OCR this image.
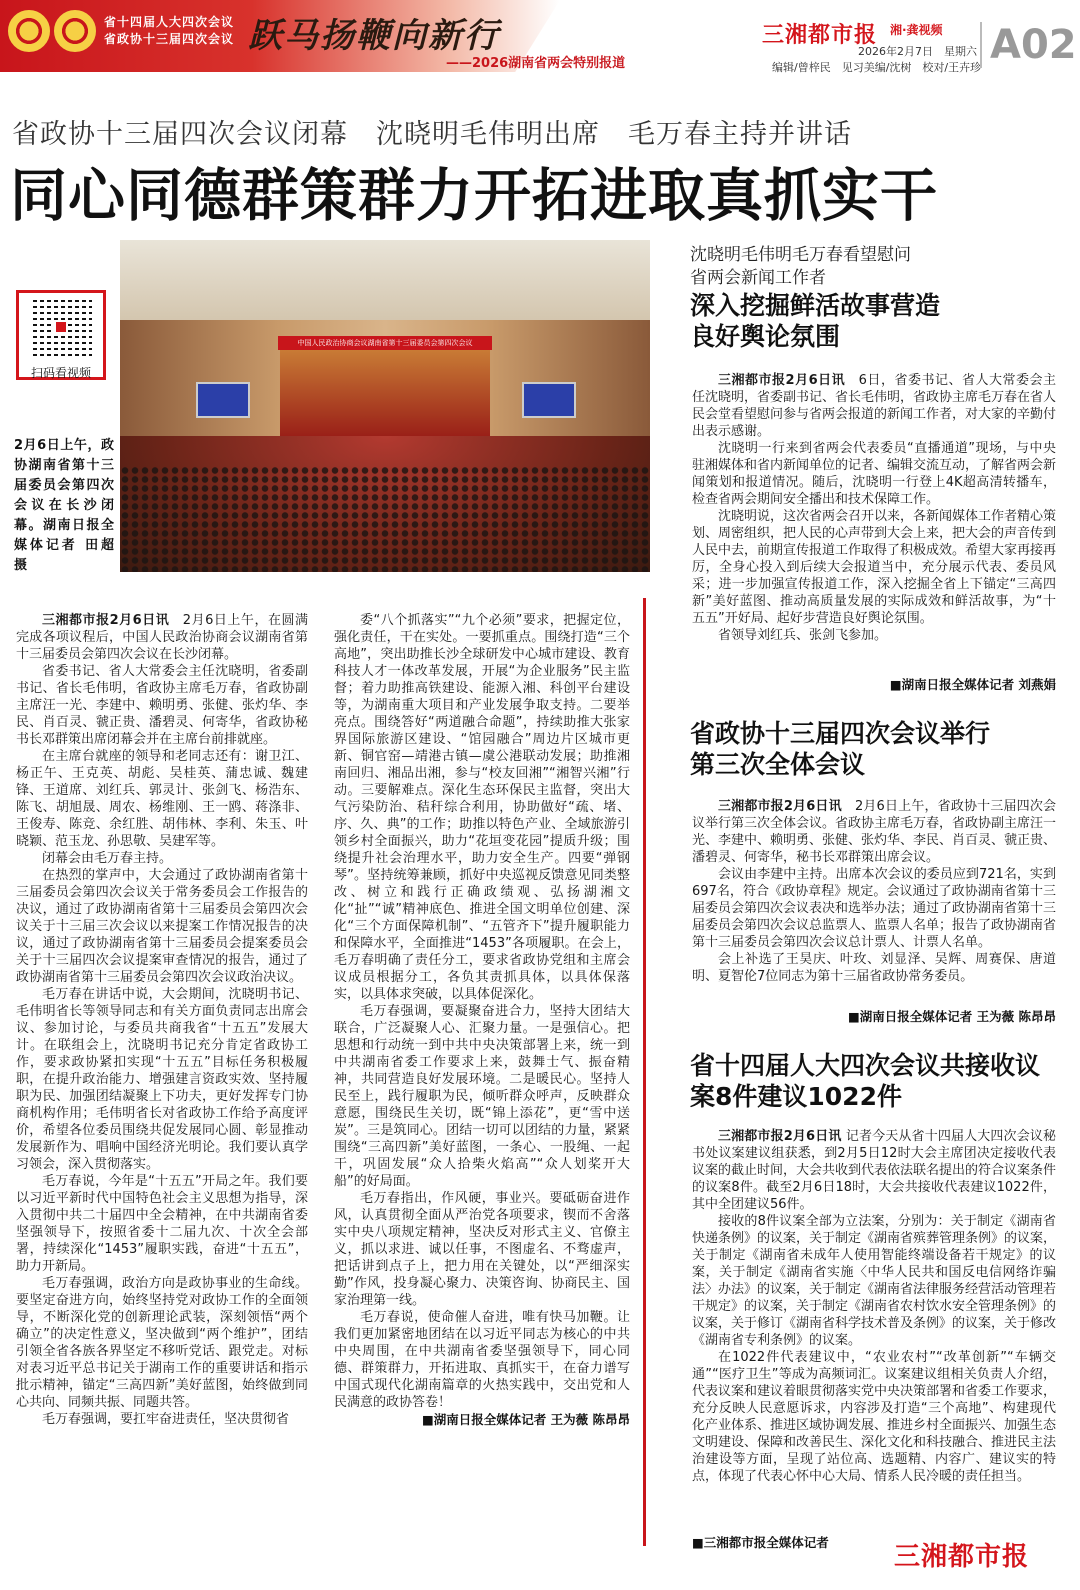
省十四届人大四次会议
省政协十三届四次会议 跃马扬鞭向新行
——2026湖南省两会特别报道
三湘都市报 湘·龚视频
2026年2月7日　星期六
编辑/曾梓民　见习美编/沈树　校对/王卉珍 A02
省政协十三届四次会议闭幕　沈晓明毛伟明出席　毛万春主持并讲话
同心同德群策群力开拓进取真抓实干
扫码看视频
2月6日上午，政协湖南省第十三届委员会第四次会议在长沙闭幕。湖南日报全媒体记者 田超 摄
中国人民政治协商会议湖南省第十三届委员会第四次会议

三湘都市报2月6日讯　2月6日上午，在圆满完成各项议程后，中国人民政治协商会议湖南省第十三届委员会第四次会议在长沙闭幕。

省委书记、省人大常委会主任沈晓明，省委副书记、省长毛伟明，省政协主席毛万春，省政协副主席汪一光、李建中、赖明勇、张健、张灼华、李民、肖百灵、虢正贵、潘碧灵、何寄华，省政协秘书长邓群策出席闭幕会并在主席台前排就座。

在主席台就座的领导和老同志还有：谢卫江、杨正午、王克英、胡彪、吴桂英、蒲忠诚、魏建锋、王道席、刘红兵、郭灵计、张剑飞、杨浩东、陈飞、胡旭晟、周农、杨维刚、王一鸥、蒋涤非、王俊寿、陈竞、余红胜、胡伟林、李利、朱玉、叶晓颖、范玉龙、孙思敬、吴建军等。

闭幕会由毛万春主持。

在热烈的掌声中，大会通过了政协湖南省第十三届委员会第四次会议关于常务委员会工作报告的决议，通过了政协湖南省第十三届委员会第四次会议关于十三届三次会议以来提案工作情况报告的决议，通过了政协湖南省第十三届委员会提案委员会关于十三届四次会议提案审查情况的报告，通过了政协湖南省第十三届委员会第四次会议政治决议。

毛万春在讲话中说，大会期间，沈晓明书记、毛伟明省长等领导同志和有关方面负责同志出席会议、参加讨论，与委员共商我省“十五五”发展大计。在联组会上，沈晓明书记充分肯定省政协工作，要求政协紧扣实现“十五五”目标任务积极履职，在提升政治能力、增强建言资政实效、坚持履职为民、加强团结凝聚上下功夫，更好发挥专门协商机构作用；毛伟明省长对省政协工作给予高度评价，希望各位委员围绕共促发展同心圆、彰显推动发展新作为、唱响中国经济光明论。我们要认真学习领会，深入贯彻落实。

毛万春说，今年是“十五五”开局之年。我们要以习近平新时代中国特色社会主义思想为指导，深入贯彻中共二十届四中全会精神，在中共湖南省委坚强领导下，按照省委十二届九次、十次全会部署，持续深化“1453”履职实践，奋进“十五五”，助力开新局。

毛万春强调，政治方向是政协事业的生命线。要坚定奋进方向，始终坚持党对政协工作的全面领导，不断深化党的创新理论武装，深刻领悟“两个确立”的决定性意义，坚决做到“两个维护”，团结引领全省各族各界坚定不移听党话、跟党走。对标对表习近平总书记关于湖南工作的重要讲话和指示批示精神，锚定“三高四新”美好蓝图，始终做到同心共向、同频共振、同题共答。

毛万春强调，要扛牢奋进责任，坚决贯彻省

委“八个抓落实”“九个必须”要求，把握定位，强化责任，干在实处。一要抓重点。围绕打造“三个高地”，突出助推长沙全球研发中心城市建设、教育科技人才一体改革发展，开展“为企业服务”民主监督；着力助推高铁建设、能源入湘、科创平台建设等，为湖南重大项目和产业发展争取支持。二要举亮点。围绕答好“两道融合命题”，持续助推大张家界国际旅游区建设、“馆园融合”周边片区城市更新、铜官窑—靖港古镇—虞公港联动发展；助推湘南回归、湘品出湘，参与“校友回湘”“湘智兴湘”行动。三要解难点。深化生态环保民主监督，突出大气污染防治、秸秆综合利用，协助做好“疏、堵、序、久、典”的工作；助推以特色产业、全域旅游引领乡村全面振兴，助力“花垣变花园”提质升级；围绕提升社会治理水平，助力安全生产。四要“弹钢琴”。坚持统筹兼顾，抓好中央巡视反馈意见同类整改、树立和践行正确政绩观、弘扬湖湘文化“扯”“诚”精神底色、推进全国文明单位创建、深化“三个方面保障机制”、“五管齐下”提升履职能力和保障水平，全面推进“1453”各项履职。在会上，毛万春明确了责任分工，要求省政协党组和主席会议成员根据分工，各负其责抓具体，以具体保落实，以具体求突破，以具体促深化。

毛万春强调，要凝聚奋进合力，坚持大团结大联合，广泛凝聚人心、汇聚力量。一是强信心。把思想和行动统一到中共中央决策部署上来，统一到中共湖南省委工作要求上来，鼓舞士气、振奋精神，共同营造良好发展环境。二是暖民心。坚持人民至上，践行履职为民，倾听群众呼声，反映群众意愿，围绕民生关切，既“锦上添花”，更“雪中送炭”。三是筑同心。团结一切可以团结的力量，紧紧围绕“三高四新”美好蓝图，一条心、一股绳、一起干，巩固发展“众人拾柴火焰高”“众人划桨开大船”的好局面。

毛万春指出，作风硬，事业兴。要砥砺奋进作风，认真贯彻全面从严治党各项要求，锲而不舍落实中央八项规定精神，坚决反对形式主义、官僚主义，抓以求进、诚以任事，不图虚名、不骛虚声，把话讲到点子上，把力用在关键处，以“严细深实勤”作风，投身凝心聚力、决策咨询、协商民主、国家治理第一线。

毛万春说，使命催人奋进，唯有快马加鞭。让我们更加紧密地团结在以习近平同志为核心的中共中央周围，在中共湖南省委坚强领导下，同心同德、群策群力，开拓进取、真抓实干，在奋力谱写中国式现代化湖南篇章的火热实践中，交出党和人民满意的政协答卷！

■湖南日报全媒体记者 王为薇 陈昂昂

沈晓明毛伟明毛万春看望慰问省两会新闻工作者
深入挖掘鲜活故事营造良好舆论氛围

三湘都市报2月6日讯　6日，省委书记、省人大常委会主任沈晓明，省委副书记、省长毛伟明，省政协主席毛万春在省人民会堂看望慰问参与省两会报道的新闻工作者，对大家的辛勤付出表示感谢。

沈晓明一行来到省两会代表委员“直播通道”现场，与中央驻湘媒体和省内新闻单位的记者、编辑交流互动，了解省两会新闻策划和报道情况。随后，沈晓明一行登上4K超高清转播车，检查省两会期间安全播出和技术保障工作。

沈晓明说，这次省两会召开以来，各新闻媒体工作者精心策划、周密组织，把人民的心声带到大会上来，把大会的声音传到人民中去，前期宣传报道工作取得了积极成效。希望大家再接再厉，全身心投入到后续大会报道当中，充分展示代表、委员风采；进一步加强宣传报道工作，深入挖掘全省上下锚定“三高四新”美好蓝图、推动高质量发展的实际成效和鲜活故事，为“十五五”开好局、起好步营造良好舆论氛围。

省领导刘红兵、张剑飞参加。

■湖南日报全媒体记者 刘燕娟

省政协十三届四次会议举行第三次全体会议

三湘都市报2月6日讯　2月6日上午，省政协十三届四次会议举行第三次全体会议。省政协主席毛万春，省政协副主席汪一光、李建中、赖明勇、张健、张灼华、李民、肖百灵、虢正贵、潘碧灵、何寄华，秘书长邓群策出席会议。

会议由李建中主持。出席本次会议的委员应到721名，实到697名，符合《政协章程》规定。会议通过了政协湖南省第十三届委员会第四次会议表决和选举办法；通过了政协湖南省第十三届委员会第四次会议总监票人、监票人名单；报告了政协湖南省第十三届委员会第四次会议总计票人、计票人名单。

会上补选了王昊庆、叶玫、刘显泽、吴辉、周赛保、唐道明、夏智伦7位同志为第十三届省政协常务委员。

■湖南日报全媒体记者 王为薇 陈昂昂

省十四届人大四次会议共接收议案8件建议1022件

三湘都市报2月6日讯 记者今天从省十四届人大四次会议秘书处议案建议组获悉，到2月5日12时大会主席团决定接收代表议案的截止时间，大会共收到代表依法联名提出的符合议案条件的议案8件。截至2月6日18时，大会共接收代表建议1022件，其中全团建议56件。

接收的8件议案全部为立法案，分别为：关于制定《湖南省快递条例》的议案，关于制定《湖南省殡葬管理条例》的议案，关于制定《湖南省未成年人使用智能终端设备若干规定》的议案，关于制定《湖南省实施〈中华人民共和国反电信网络诈骗法〉办法》的议案，关于制定《湖南省法律服务经营活动管理若干规定》的议案，关于制定《湖南省农村饮水安全管理条例》的议案，关于修订《湖南省科学技术普及条例》的议案，关于修改《湖南省专利条例》的议案。

在1022件代表建议中，“农业农村”“改革创新”“车辆交通”“医疗卫生”等成为高频词汇。议案建议组相关负责人介绍，代表议案和建议着眼贯彻落实党中央决策部署和省委工作要求，充分反映人民意愿诉求，内容涉及打造“三个高地”、构建现代化产业体系、推进区域协调发展、推进乡村全面振兴、加强生态文明建设、保障和改善民生、深化文化和科技融合、推进民主法治建设等方面，呈现了站位高、选题精、内容广、建议实的特点，体现了代表心怀中心大局、情系人民冷暖的责任担当。

■三湘都市报全媒体记者	三湘都市报
